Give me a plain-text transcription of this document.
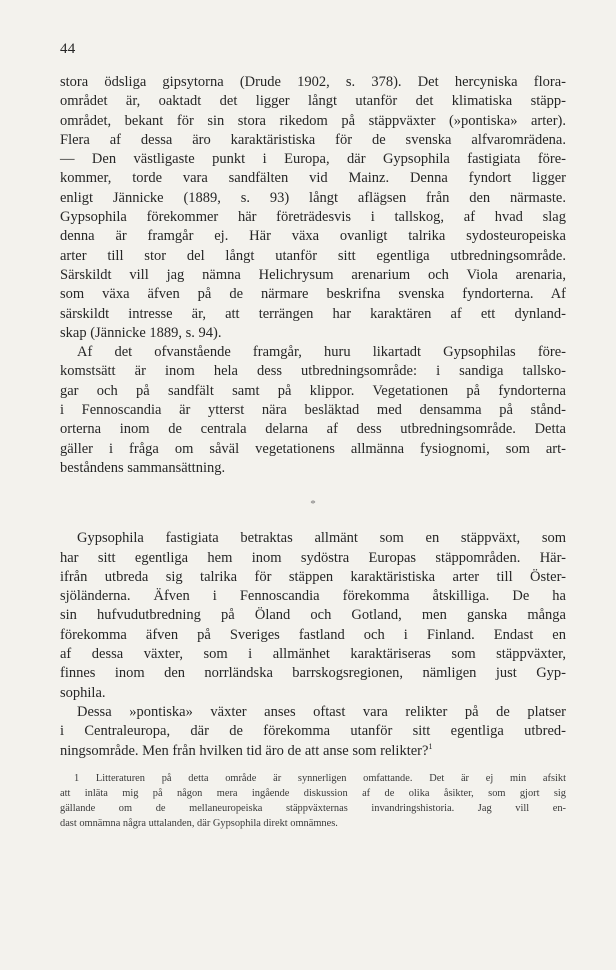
44
stora ödsliga gipsytorna (Drude 1902, s. 378). Det hercyniska flora-
området är, oaktadt det ligger långt utanför det klimatiska stäpp-
området, bekant för sin stora rikedom på stäppväxter (»pontiska» arter).
Flera af dessa äro karaktäristiska för de svenska alfvaromrädena.
— Den västligaste punkt i Europa, där Gypsophila fastigiata före-
kommer, torde vara sandfälten vid Mainz. Denna fyndort ligger
enligt Jännicke (1889, s. 93) långt aflägsen från den närmaste.
Gypsophila förekommer här företrädesvis i tallskog, af hvad slag
denna är framgår ej. Här växa ovanligt talrika sydosteuropeiska
arter till stor del långt utanför sitt egentliga utbredningsområde.
Särskildt vill jag nämna Helichrysum arenarium och Viola arenaria,
som växa äfven på de närmare beskrifna svenska fyndorterna. Af
särskildt intresse är, att terrängen har karaktären af ett dynland-
skap (Jännicke 1889, s. 94).
Af det ofvanstående framgår, huru likartadt Gypsophilas före-
komstsätt är inom hela dess utbredningsområde: i sandiga tallsko-
gar och på sandfält samt på klippor. Vegetationen på fyndorterna
i Fennoscandia är ytterst nära besläktad med densamma på stånd-
orterna inom de centrala delarna af dess utbredningsområde. Detta
gäller i fråga om såväl vegetationens allmänna fysiognomi, som art-
beståndens sammansättning.
*
Gypsophila fastigiata betraktas allmänt som en stäppväxt, som
har sitt egentliga hem inom sydöstra Europas stäppområden. Här-
ifrån utbreda sig talrika för stäppen karaktäristiska arter till Öster-
sjöländerna. Äfven i Fennoscandia förekomma åtskilliga. De ha
sin hufvudutbredning på Öland och Gotland, men ganska många
förekomma äfven på Sveriges fastland och i Finland. Endast en
af dessa växter, som i allmänhet karaktäriseras som stäppväxter,
finnes inom den norrländska barrskogsregionen, nämligen just Gyp-
sophila.
Dessa »pontiska» växter anses oftast vara relikter på de platser
i Centraleuropa, där de förekomma utanför sitt egentliga utbred-
ningsområde. Men från hvilken tid äro de att anse som relikter?$^1$
1 Litteraturen på detta område är synnerligen omfattande. Det är ej min afsikt
att inläta mig på någon mera ingående diskussion af de olika åsikter, som gjort sig
gällande om de mellaneuropeiska stäppväxternas invandringshistoria. Jag vill en-
dast omnämna några uttalanden, där Gypsophila direkt omnämnes.
